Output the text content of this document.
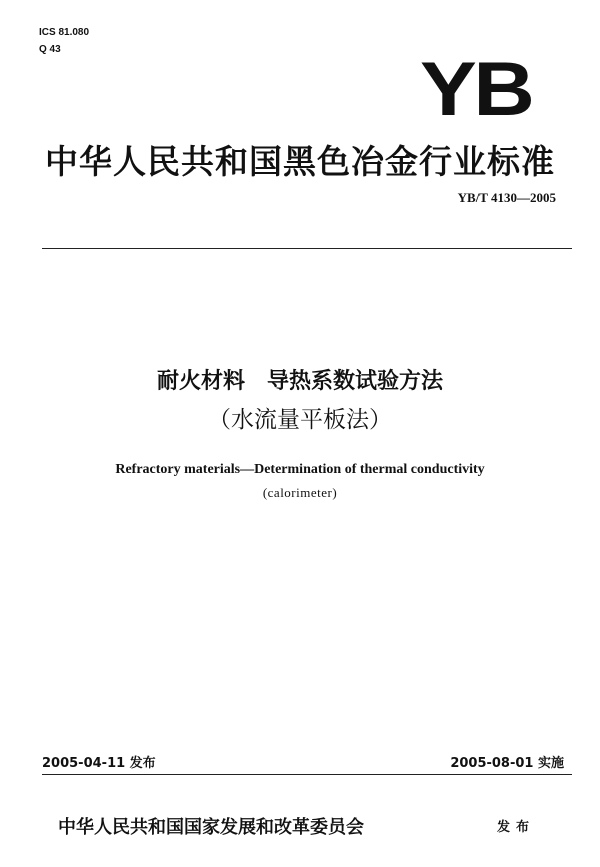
ICS 81.080
Q 43	YB
中华人民共和国黑色冶金行业标准
YB/T 4130—2005
耐火材料　导热系数试验方法
（水流量平板法）
Refractory materials—Determination of thermal conductivity
(calorimeter)
2005-04-11 发布	2005-08-01 实施
中华人民共和国国家发展和改革委员会	发布
